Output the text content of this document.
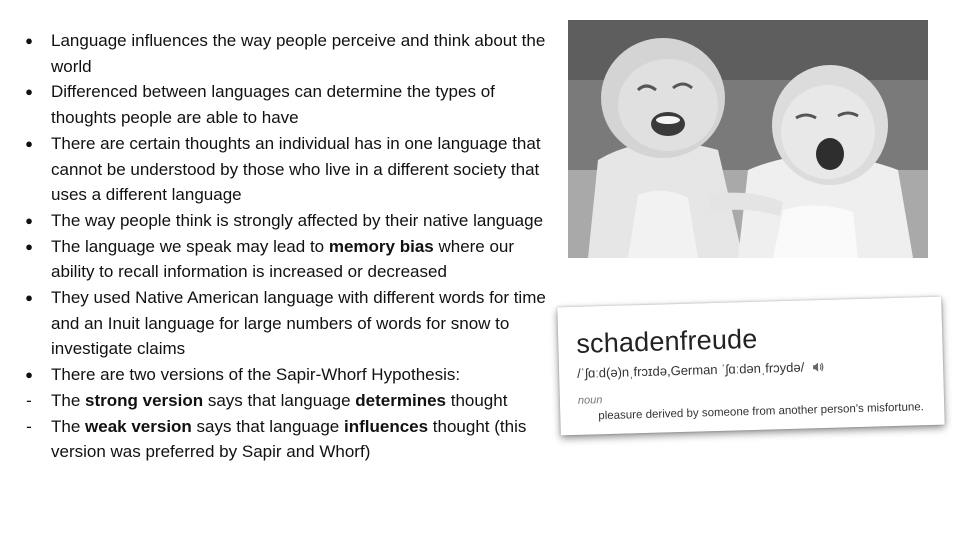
●	Language influences the way people perceive and think about the world
●	Differenced between languages can determine the types of thoughts people are able to have
●	There are certain thoughts an individual has in one language that cannot be understood by those who live in a different society that uses a different language
●	The way people think is strongly affected by their native language
●	The language we speak may lead to memory bias where our ability to recall information is increased or decreased
●	They used Native American language with different words for time and an Inuit language for large numbers of words for snow to investigate claims
●	There are two versions of the Sapir-Whorf Hypothesis:
-	The strong version says that language determines thought
-	The weak version says that language influences thought (this version was preferred by Sapir and Whorf)
schadenfreude
/ˈʃɑːd(ə)nˌfrɔɪdə,German ˈʃɑːdənˌfrɔydə/
noun
pleasure derived by someone from another person's misfortune.
